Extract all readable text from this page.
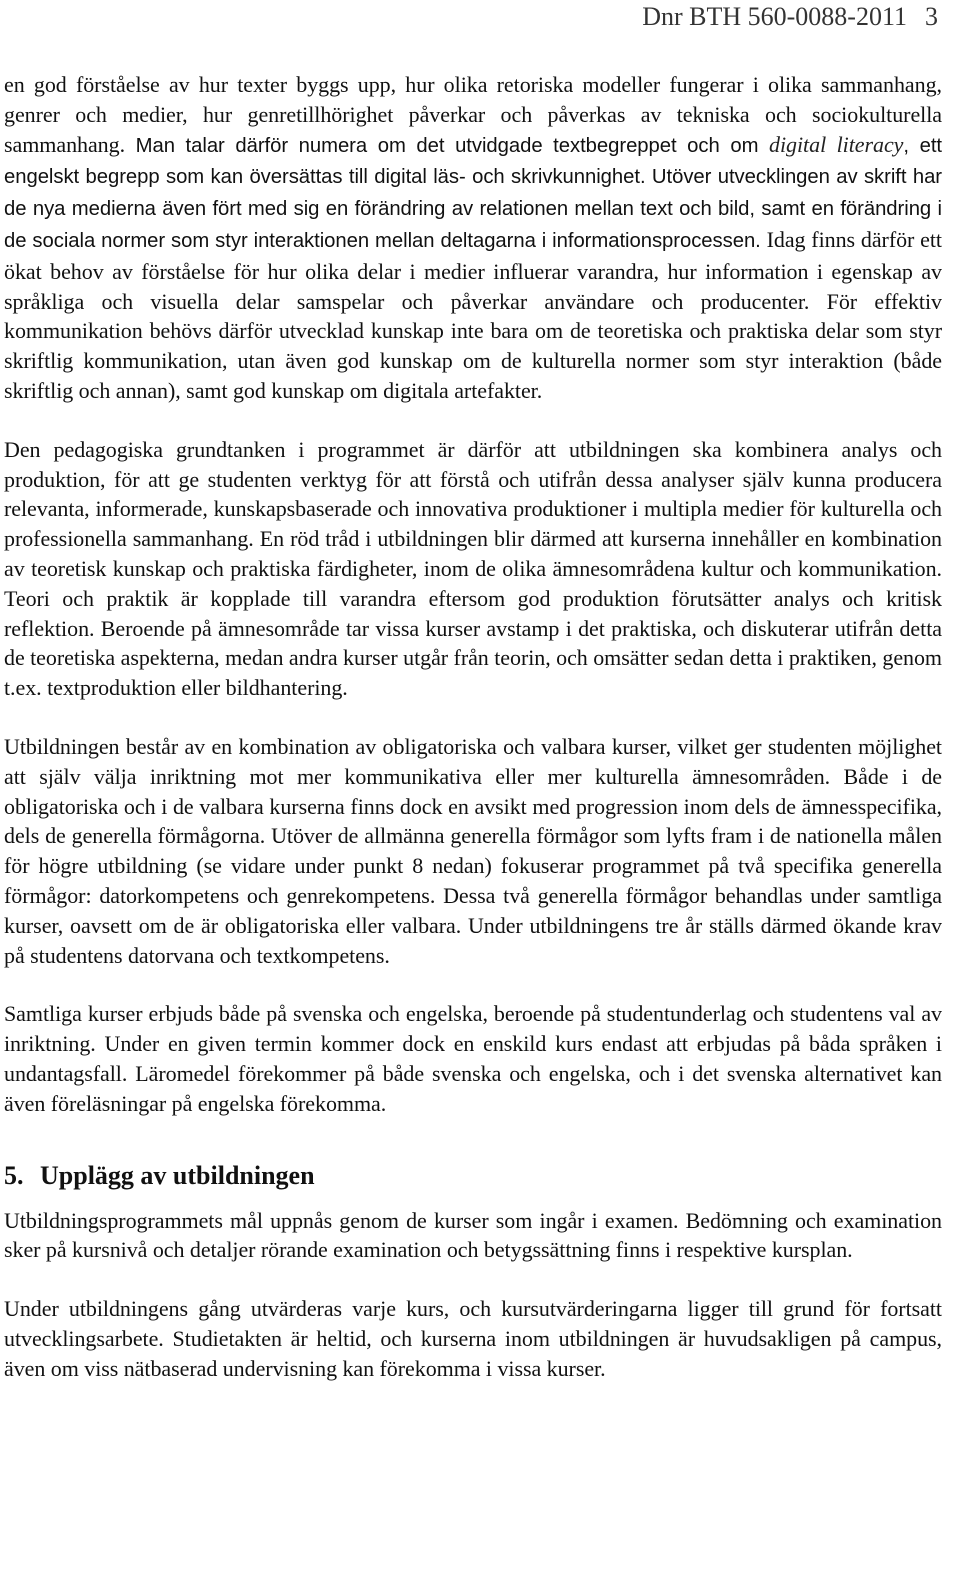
Dnr BTH 560-0088-2011 3

en god förståelse av hur texter byggs upp, hur olika retoriska modeller fungerar i olika sammanhang, genrer och medier, hur genretillhörighet påverkar och påverkas av tekniska och sociokulturella sammanhang. Man talar därför numera om det utvidgade textbegreppet och om digital literacy, ett engelskt begrepp som kan översättas till digital läs- och skrivkunnighet. Utöver utvecklingen av skrift har de nya medierna även fört med sig en förändring av relationen mellan text och bild, samt en förändring i de sociala normer som styr interaktionen mellan deltagarna i informationsprocessen. Idag finns därför ett ökat behov av förståelse för hur olika delar i medier influerar varandra, hur information i egenskap av språkliga och visuella delar samspelar och påverkar användare och producenter. För effektiv kommunikation behövs därför utvecklad kunskap inte bara om de teoretiska och praktiska delar som styr skriftlig kommunikation, utan även god kunskap om de kulturella normer som styr interaktion (både skriftlig och annan), samt god kunskap om digitala artefakter.

Den pedagogiska grundtanken i programmet är därför att utbildningen ska kombinera analys och produktion, för att ge studenten verktyg för att förstå och utifrån dessa analyser själv kunna producera relevanta, informerade, kunskapsbaserade och innovativa produktioner i multipla medier för kulturella och professionella sammanhang. En röd tråd i utbildningen blir därmed att kurserna innehåller en kombination av teoretisk kunskap och praktiska färdigheter, inom de olika ämnesområdena kultur och kommunikation. Teori och praktik är kopplade till varandra eftersom god produktion förutsätter analys och kritisk reflektion. Beroende på ämnesområde tar vissa kurser avstamp i det praktiska, och diskuterar utifrån detta de teoretiska aspekterna, medan andra kurser utgår från teorin, och omsätter sedan detta i praktiken, genom t.ex. textproduktion eller bildhantering.

Utbildningen består av en kombination av obligatoriska och valbara kurser, vilket ger studenten möjlighet att själv välja inriktning mot mer kommunikativa eller mer kulturella ämnesområden. Både i de obligatoriska och i de valbara kurserna finns dock en avsikt med progression inom dels de ämnesspecifika, dels de generella förmågorna. Utöver de allmänna generella förmågor som lyfts fram i de nationella målen för högre utbildning (se vidare under punkt 8 nedan) fokuserar programmet på två specifika generella förmågor: datorkompetens och genrekompetens. Dessa två generella förmågor behandlas under samtliga kurser, oavsett om de är obligatoriska eller valbara. Under utbildningens tre år ställs därmed ökande krav på studentens datorvana och textkompetens.

Samtliga kurser erbjuds både på svenska och engelska, beroende på studentunderlag och studentens val av inriktning. Under en given termin kommer dock en enskild kurs endast att erbjudas på båda språken i undantagsfall. Läromedel förekommer på både svenska och engelska, och i det svenska alternativet kan även föreläsningar på engelska förekomma.

5. Upplägg av utbildningen

Utbildningsprogrammets mål uppnås genom de kurser som ingår i examen. Bedömning och examination sker på kursnivå och detaljer rörande examination och betygssättning finns i respektive kursplan.

Under utbildningens gång utvärderas varje kurs, och kursutvärderingarna ligger till grund för fortsatt utvecklingsarbete. Studietakten är heltid, och kurserna inom utbildningen är huvudsakligen på campus, även om viss nätbaserad undervisning kan förekomma i vissa kurser.
